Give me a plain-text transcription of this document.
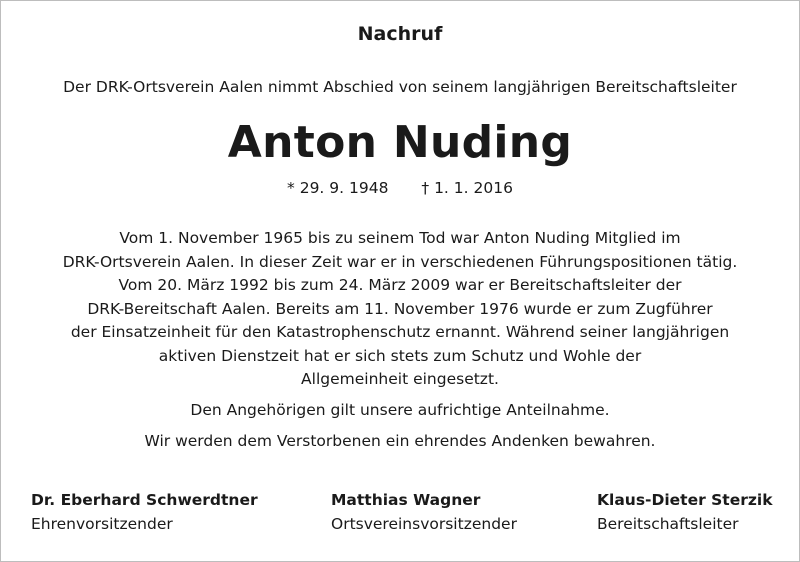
Nachruf
Der DRK-Ortsverein Aalen nimmt Abschied von seinem langjährigen Bereitschaftsleiter
Anton Nuding
* 29. 9. 1948 † 1. 1. 2016
Vom 1. November 1965 bis zu seinem Tod war Anton Nuding Mitglied im
DRK-Ortsverein Aalen. In dieser Zeit war er in verschiedenen Führungspositionen tätig.
Vom 20. März 1992 bis zum 24. März 2009 war er Bereitschaftsleiter der
DRK-Bereitschaft Aalen. Bereits am 11. November 1976 wurde er zum Zugführer
der Einsatzeinheit für den Katastrophenschutz ernannt. Während seiner langjährigen
aktiven Dienstzeit hat er sich stets zum Schutz und Wohle der
Allgemeinheit eingesetzt.
Den Angehörigen gilt unsere aufrichtige Anteilnahme.
Wir werden dem Verstorbenen ein ehrendes Andenken bewahren.
Dr. Eberhard Schwerdtner
Ehrenvorsitzender
Matthias Wagner
Ortsvereinsvorsitzender
Klaus-Dieter Sterzik
Bereitschaftsleiter
